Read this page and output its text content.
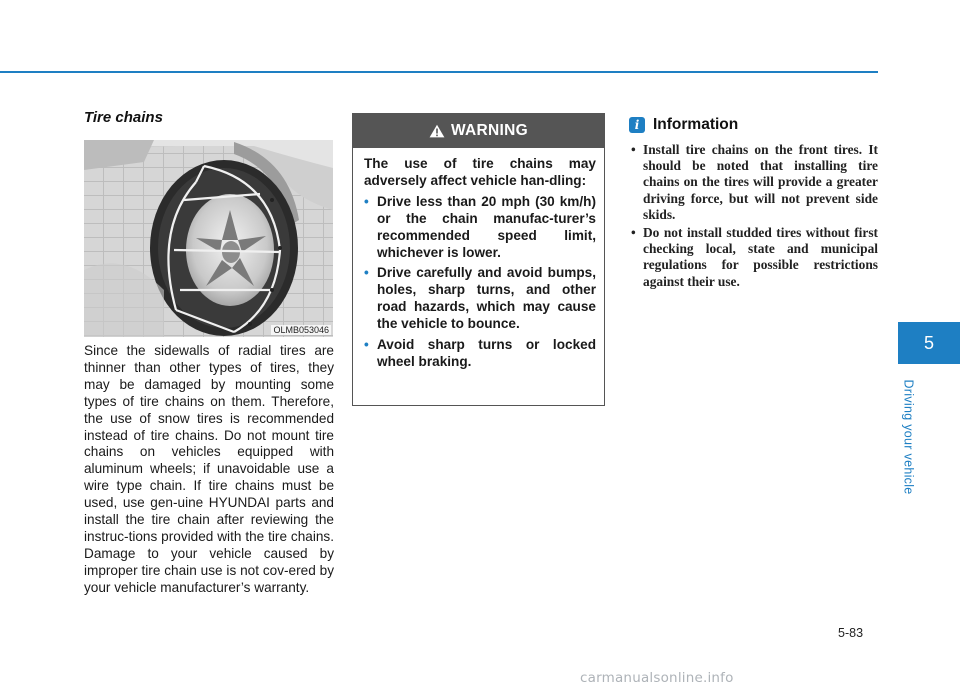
Tire chains
OLMB053046
Since the sidewalls of radial tires are thinner than other types of tires, they may be damaged by mounting some types of tire chains on them. Therefore, the use of snow tires is recommended instead of tire chains. Do not mount tire chains on vehicles equipped with aluminum wheels; if unavoidable use a wire type chain. If tire chains must be used, use gen-uine HYUNDAI parts and install the tire chain after reviewing the instruc-tions provided with the tire chains. Damage to your vehicle caused by improper tire chain use is not cov-ered by your vehicle manufacturer’s warranty.
WARNING
The use of tire chains may adversely affect vehicle han-dling:
• Drive less than 20 mph (30 km/h) or the chain manufac-turer’s recommended speed limit, whichever is lower.
• Drive carefully and avoid bumps, holes, sharp turns, and other road hazards, which may cause the vehicle to bounce.
• Avoid sharp turns or locked wheel braking.
i Information
• Install tire chains on the front tires. It should be noted that installing tire chains on the tires will provide a greater driving force, but will not prevent side skids.
• Do not install studded tires without first checking local, state and municipal regulations for possible restrictions against their use.
5
Driving your vehicle
5-83
carmanualsonline.info
